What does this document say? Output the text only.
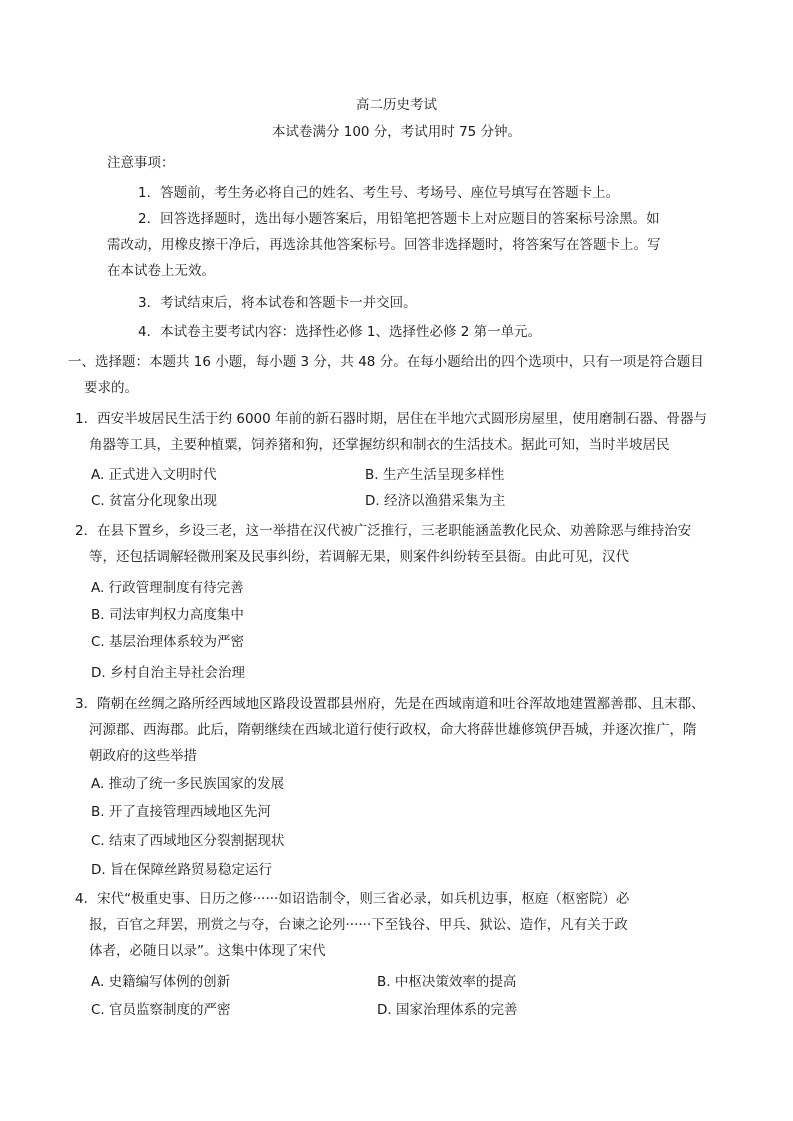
高二历史考试
本试卷满分 100 分，考试用时 75 分钟。
注意事项：
1．答题前，考生务必将自己的姓名、考生号、考场号、座位号填写在答题卡上。
2．回答选择题时，选出每小题答案后，用铅笔把答题卡上对应题目的答案标号涂黑。如
需改动，用橡皮擦干净后，再选涂其他答案标号。回答非选择题时，将答案写在答题卡上。写
在本试卷上无效。
3．考试结束后，将本试卷和答题卡一并交回。
4．本试卷主要考试内容：选择性必修 1、选择性必修 2 第一单元。
一、选择题：本题共 16 小题，每小题 3 分，共 48 分。在每小题给出的四个选项中，只有一项是符合题目
要求的。
1．西安半坡居民生活于约 6000 年前的新石器时期，居住在半地穴式圆形房屋里，使用磨制石器、骨器与
角器等工具，主要种植粟，饲养猪和狗，还掌握纺织和制衣的生活技术。据此可知，当时半坡居民
A. 正式进入文明时代	B. 生产生活呈现多样性
C. 贫富分化现象出现	D. 经济以渔猎采集为主
2．在县下置乡，乡设三老，这一举措在汉代被广泛推行，三老职能涵盖教化民众、劝善除恶与维持治安
等，还包括调解轻微刑案及民事纠纷，若调解无果，则案件纠纷转至县衙。由此可见，汉代
A. 行政管理制度有待完善
B. 司法审判权力高度集中
C. 基层治理体系较为严密
D. 乡村自治主导社会治理
3．隋朝在丝绸之路所经西域地区路段设置郡县州府，先是在西域南道和吐谷浑故地建置鄯善郡、且末郡、
河源郡、西海郡。此后，隋朝继续在西域北道行使行政权，命大将薛世雄修筑伊吾城，并逐次推广，隋
朝政府的这些举措
A. 推动了统一多民族国家的发展
B. 开了直接管理西域地区先河
C. 结束了西域地区分裂割据现状
D. 旨在保障丝路贸易稳定运行
4．宋代“极重史事、日历之修······如诏诰制令，则三省必录，如兵机边事，枢庭（枢密院）必
报，百官之拜罢，刑赏之与夺，台谏之论列······下至钱谷、甲兵、狱讼、造作，凡有关于政
体者，必随日以录”。这集中体现了宋代
A. 史籍编写体例的创新	B. 中枢决策效率的提高
C. 官员监察制度的严密	D. 国家治理体系的完善
